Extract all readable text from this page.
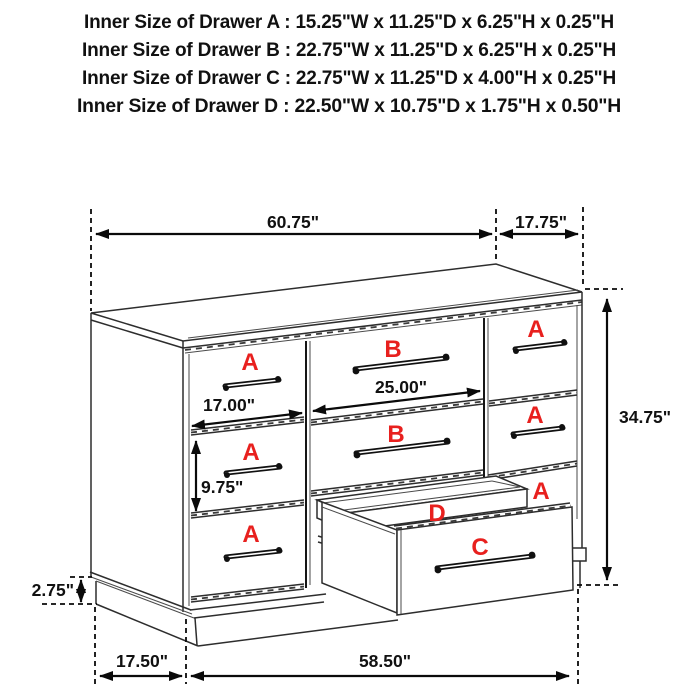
Inner Size of Drawer A : 15.25"W x 11.25"D x 6.25"H x 0.25"H
Inner Size of Drawer B : 22.75"W x 11.25"D x 6.25"H x 0.25"H
Inner Size of Drawer C : 22.75"W x 11.25"D x 4.00"H x 0.25"H
Inner Size of Drawer D : 22.50"W x 10.75"D x 1.75"H x 0.50"H
60.75"	17.75"
34.75"
25.00"
17.00"
9.75"
2.75"
17.50"	58.50"
A
A
A
B
B
A
A
A
D
C
